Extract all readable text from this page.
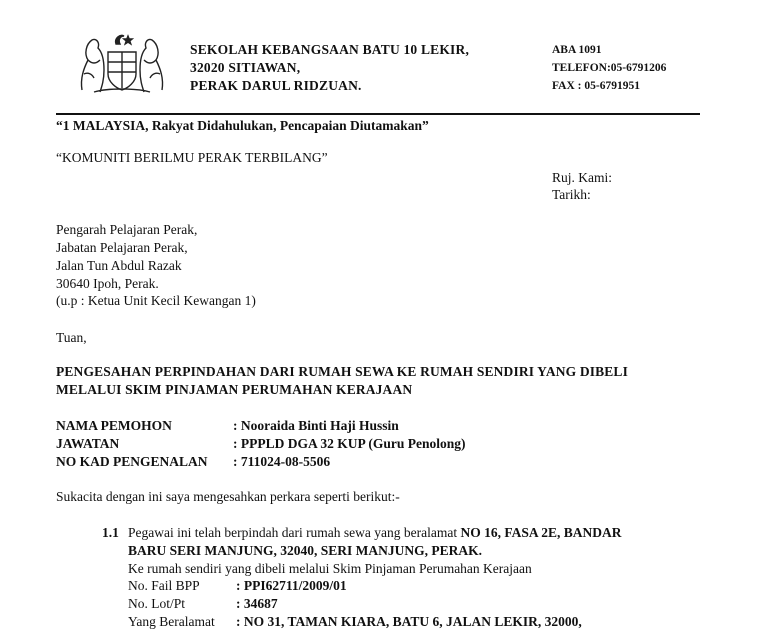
SEKOLAH KEBANGSAAN BATU 10 LEKIR,
32020 SITIAWAN,
PERAK DARUL RIDZUAN.
ABA 1091
TELEFON:05-6791206
FAX : 05-6791951
“1 MALAYSIA, Rakyat Didahulukan, Pencapaian Diutamakan”
“KOMUNITI BERILMU PERAK TERBILANG”
Ruj. Kami:
Tarikh:
Pengarah Pelajaran Perak,
Jabatan Pelajaran Perak,
Jalan Tun Abdul Razak
30640 Ipoh, Perak.
(u.p : Ketua Unit Kecil Kewangan 1)
Tuan,
PENGESAHAN PERPINDAHAN DARI RUMAH SEWA KE RUMAH SENDIRI YANG DIBELI
MELALUI SKIM PINJAMAN PERUMAHAN KERAJAAN
NAMA PEMOHON	: Nooraida Binti Haji Hussin
JAWATAN	: PPPLD DGA 32 KUP (Guru Penolong)
NO KAD PENGENALAN : 711024-08-5506
Sukacita dengan ini saya mengesahkan perkara seperti berikut:-
1.1 Pegawai ini telah berpindah dari rumah sewa yang beralamat NO 16, FASA 2E, BANDAR
BARU SERI MANJUNG, 32040, SERI MANJUNG, PERAK.
Ke rumah sendiri yang dibeli melalui Skim Pinjaman Perumahan Kerajaan
No. Fail BPP	: PPI62711/2009/01
No. Lot/Pt	: 34687
Yang Beralamat : NO 31, TAMAN KIARA, BATU 6, JALAN LEKIR, 32000,
